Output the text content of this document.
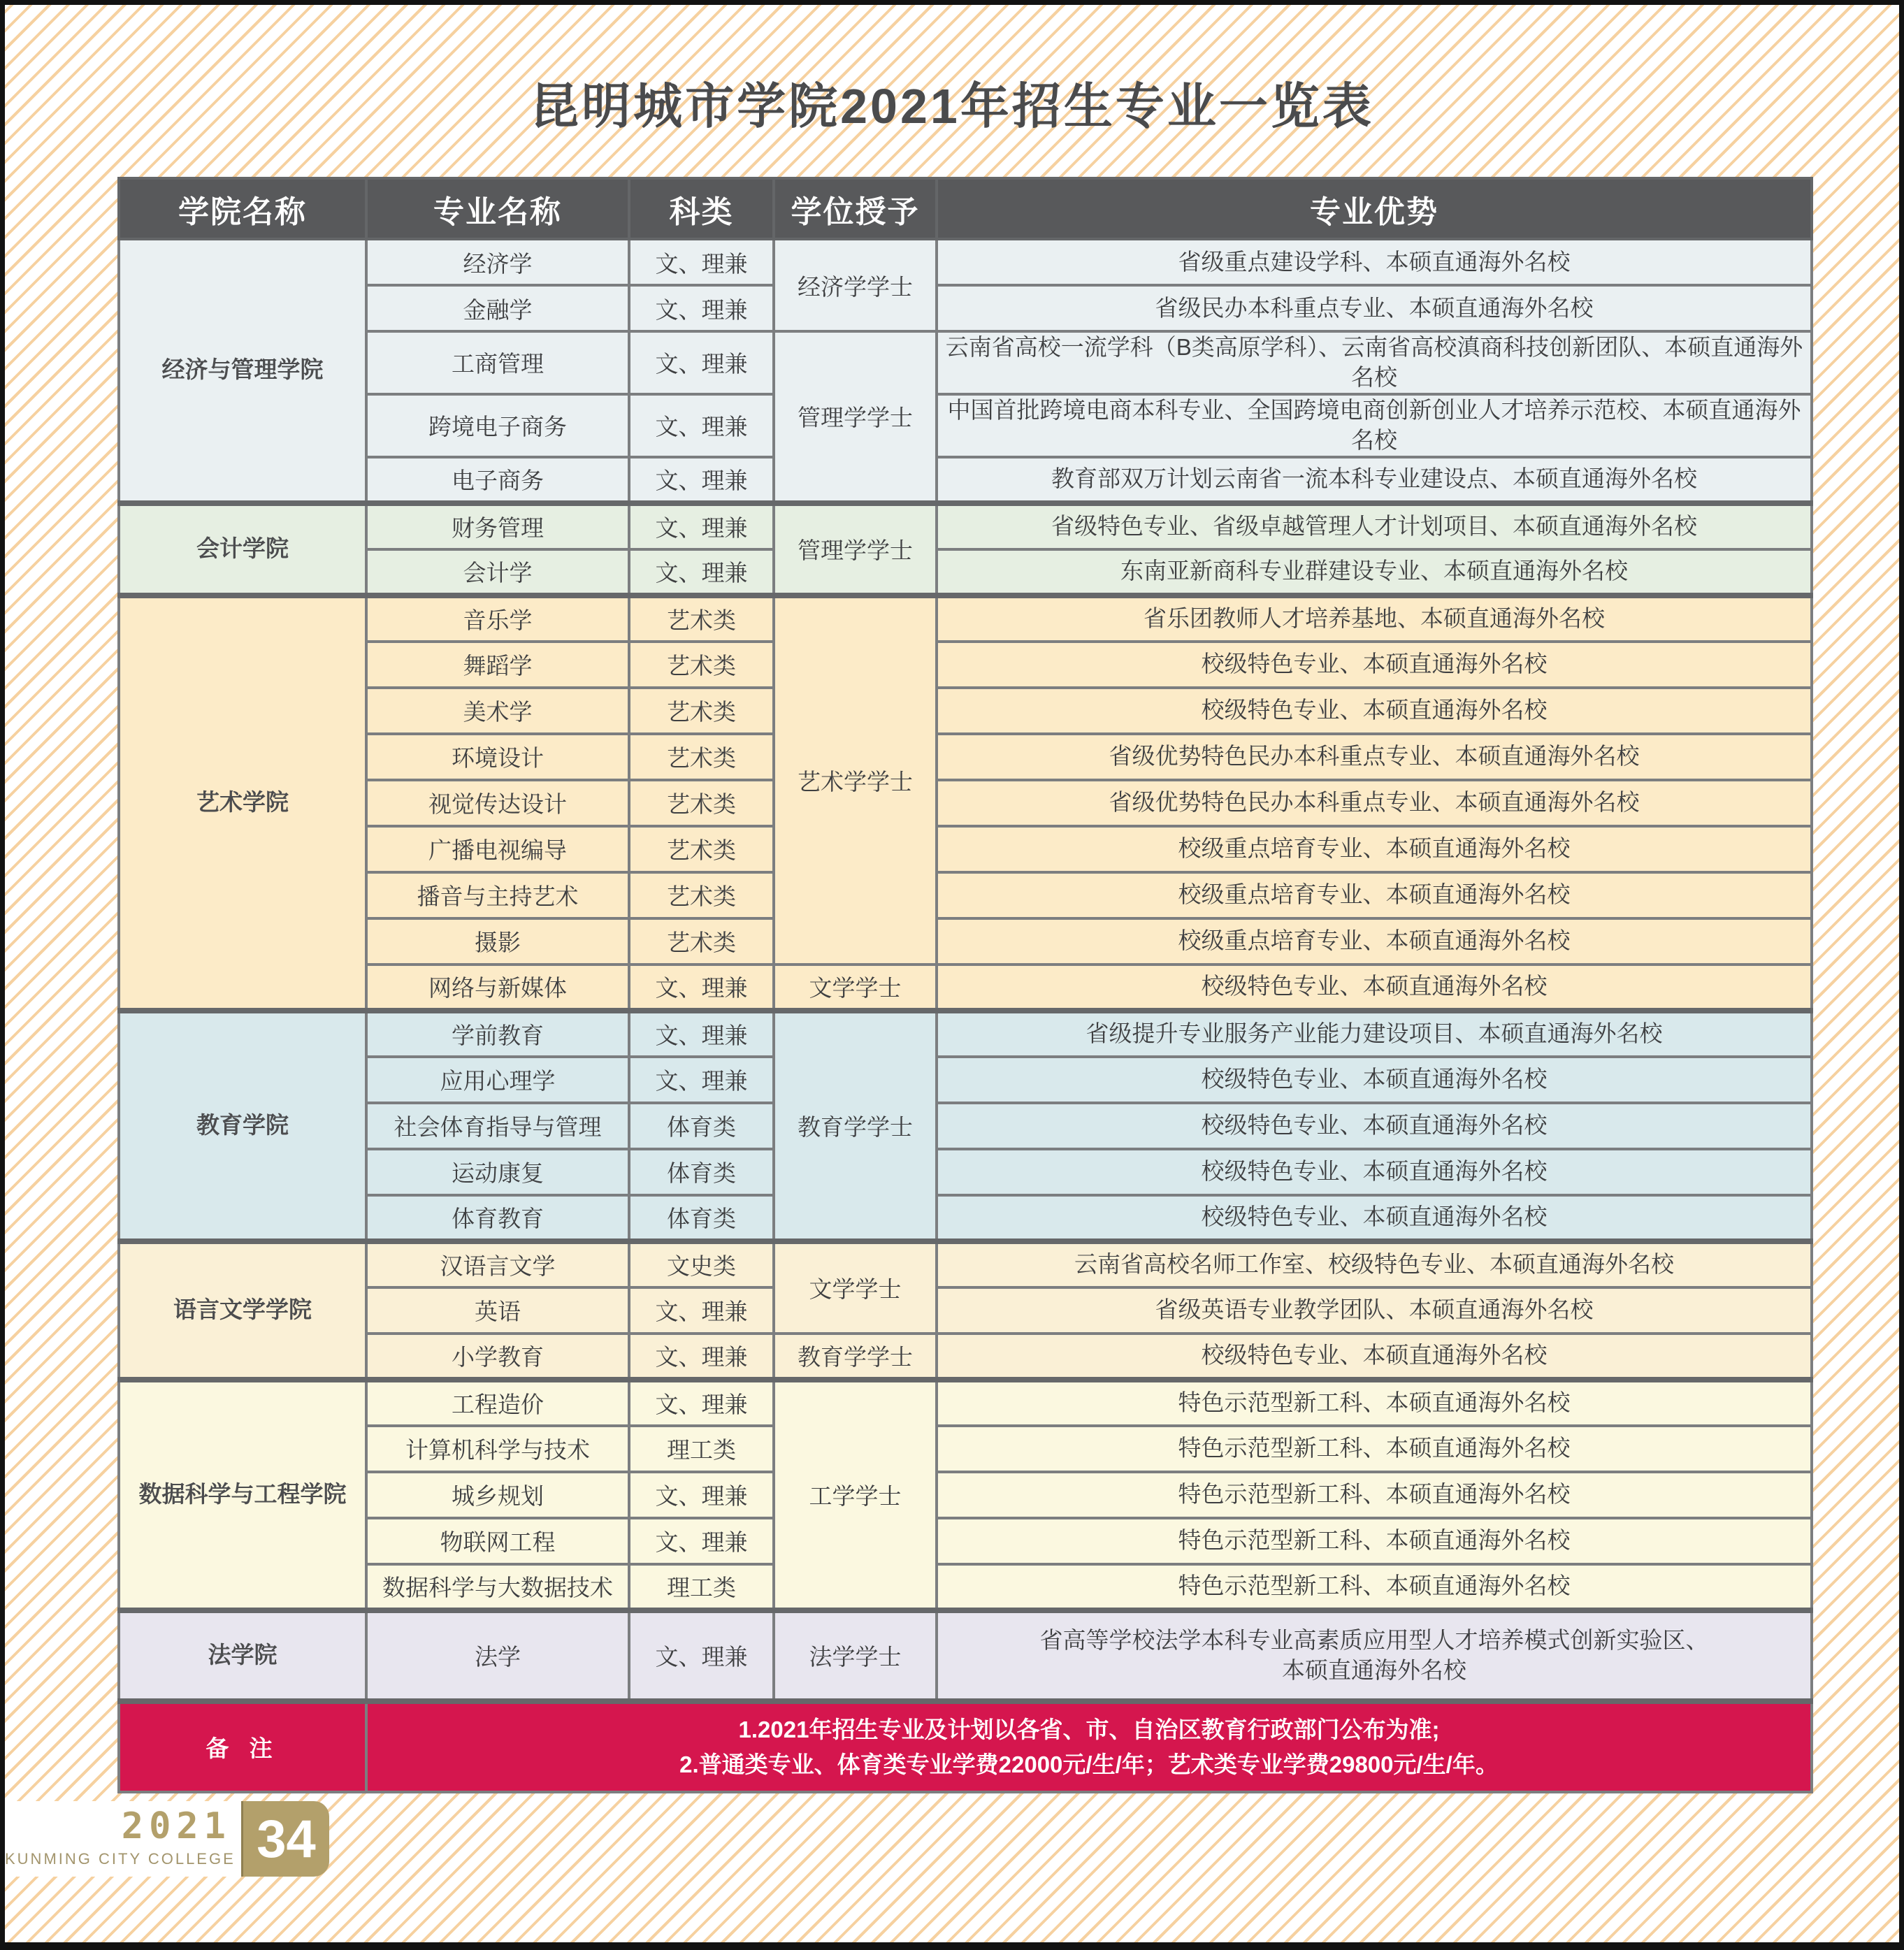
昆明城市学院2021年招生专业一览表
学院名称	专业名称	科类	学位授予	专业优势
经济与管理学院	经济学	文、理兼	经济学学士	省级重点建设学科、本硕直通海外名校
	金融学	文、理兼		省级民办本科重点专业、本硕直通海外名校
	工商管理	文、理兼	管理学学士	云南省高校一流学科（B类高原学科）、云南省高校滇商科技创新团队、本硕直通海外名校
	跨境电子商务	文、理兼		中国首批跨境电商本科专业、全国跨境电商创新创业人才培养示范校、本硕直通海外名校
	电子商务	文、理兼		教育部双万计划云南省一流本科专业建设点、本硕直通海外名校
会计学院	财务管理	文、理兼	管理学学士	省级特色专业、省级卓越管理人才计划项目、本硕直通海外名校
	会计学	文、理兼		东南亚新商科专业群建设专业、本硕直通海外名校
艺术学院	音乐学	艺术类	艺术学学士	省乐团教师人才培养基地、本硕直通海外名校
	舞蹈学	艺术类		校级特色专业、本硕直通海外名校
	美术学	艺术类		校级特色专业、本硕直通海外名校
	环境设计	艺术类		省级优势特色民办本科重点专业、本硕直通海外名校
	视觉传达设计	艺术类		省级优势特色民办本科重点专业、本硕直通海外名校
	广播电视编导	艺术类		校级重点培育专业、本硕直通海外名校
	播音与主持艺术	艺术类		校级重点培育专业、本硕直通海外名校
	摄影	艺术类		校级重点培育专业、本硕直通海外名校
	网络与新媒体	文、理兼	文学学士	校级特色专业、本硕直通海外名校
教育学院	学前教育	文、理兼	教育学学士	省级提升专业服务产业能力建设项目、本硕直通海外名校
	应用心理学	文、理兼		校级特色专业、本硕直通海外名校
	社会体育指导与管理	体育类		校级特色专业、本硕直通海外名校
	运动康复	体育类		校级特色专业、本硕直通海外名校
	体育教育	体育类		校级特色专业、本硕直通海外名校
语言文学学院	汉语言文学	文史类	文学学士	云南省高校名师工作室、校级特色专业、本硕直通海外名校
	英语	文、理兼		省级英语专业教学团队、本硕直通海外名校
	小学教育	文、理兼	教育学学士	校级特色专业、本硕直通海外名校
数据科学与工程学院	工程造价	文、理兼	工学学士	特色示范型新工科、本硕直通海外名校
	计算机科学与技术	理工类		特色示范型新工科、本硕直通海外名校
	城乡规划	文、理兼		特色示范型新工科、本硕直通海外名校
	物联网工程	文、理兼		特色示范型新工科、本硕直通海外名校
	数据科学与大数据技术	理工类		特色示范型新工科、本硕直通海外名校
法学院	法学	文、理兼	法学学士	省高等学校法学本科专业高素质应用型人才培养模式创新实验区、
本硕直通海外名校

备 注	1.2021年招生专业及计划以各省、市、自治区教育行政部门公布为准;
2.普通类专业、体育类专业学费22000元/生/年；艺术类专业学费29800元/生/年。			
2021
KUNMING CITY COLLEGE 34
